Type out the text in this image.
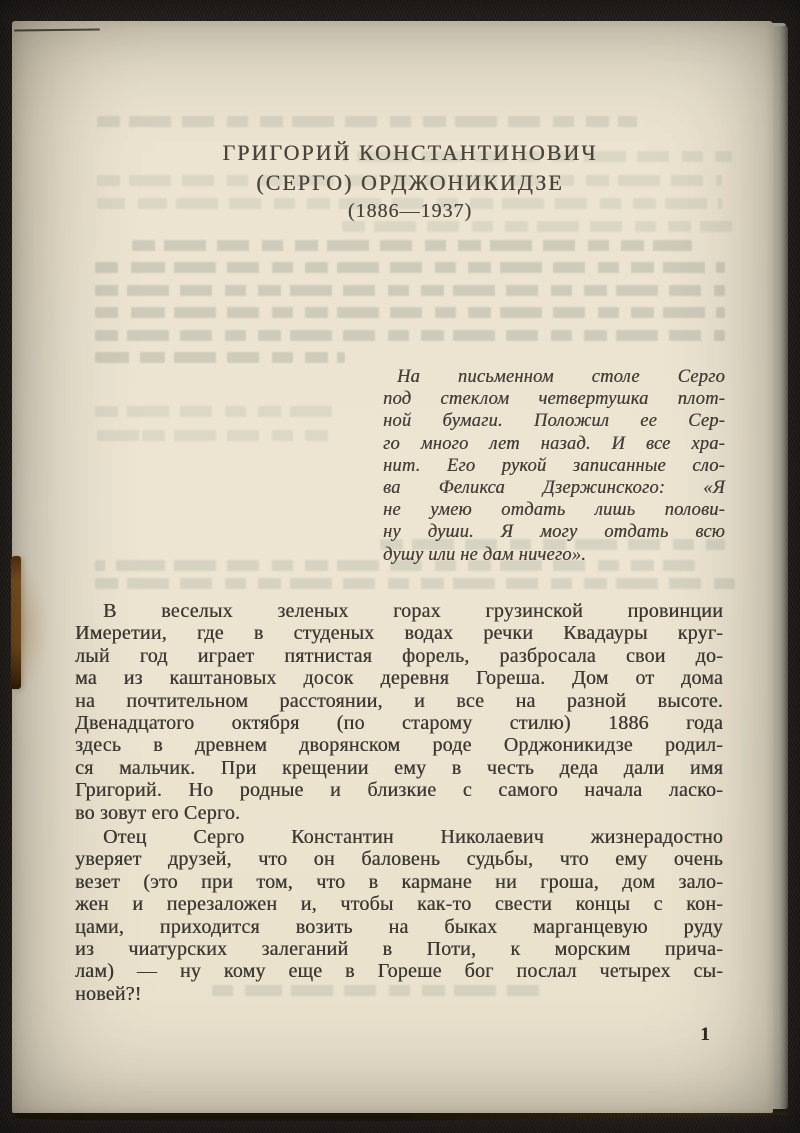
ГРИГОРИЙ КОНСТАНТИНОВИЧ
(СЕРГО) ОРДЖОНИКИДЗЕ
(1886—1937)
На письменном столе Серго
под стеклом четвертушка плот-
ной бумаги. Положил ее Сер-
го много лет назад. И все хра-
нит. Его рукой записанные сло-
ва Феликса Дзержинского: «Я
не умею отдать лишь полови-
ну души. Я могу отдать всю
душу или не дам ничего».
В веселых зеленых горах грузинской провинции
Имеретии, где в студеных водах речки Квадауры круг-
лый год играет пятнистая форель, разбросала свои до-
ма из каштановых досок деревня Гореша. Дом от дома
на почтительном расстоянии, и все на разной высоте.
Двенадцатого октября (по старому стилю) 1886 года
здесь в древнем дворянском роде Орджоникидзе родил-
ся мальчик. При крещении ему в честь деда дали имя
Григорий. Но родные и близкие с самого начала ласко-
во зовут его Серго.
Отец Серго Константин Николаевич жизнерадостно
уверяет друзей, что он баловень судьбы, что ему очень
везет (это при том, что в кармане ни гроша, дом зало-
жен и перезаложен и, чтобы как-то свести концы с кон-
цами, приходится возить на быках марганцевую руду
из чиатурских залеганий в Поти, к морским прича-
лам) — ну кому еще в Гореше бог послал четырех сы-
новей?!
1
